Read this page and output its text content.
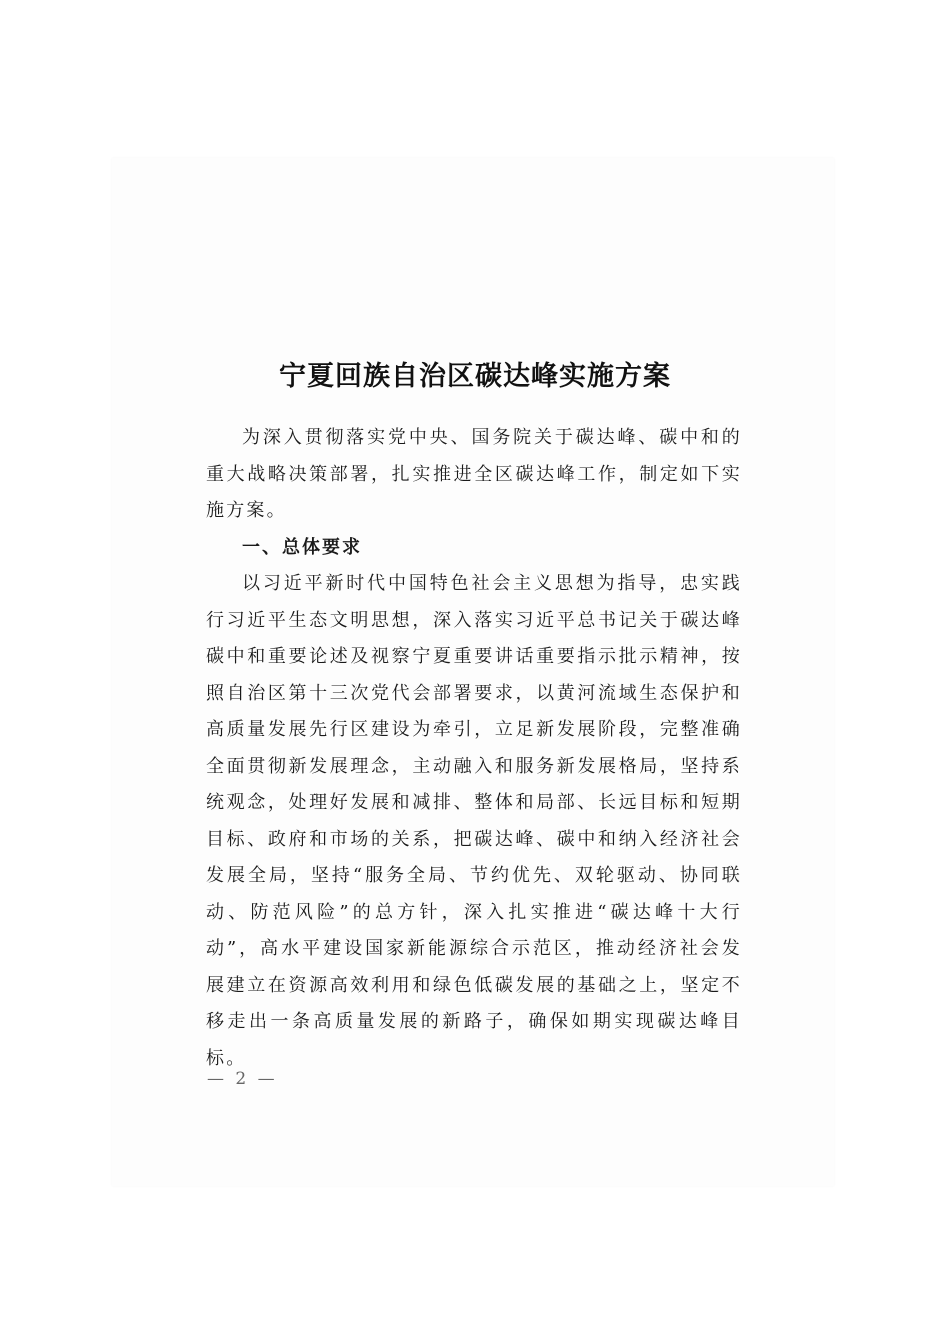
宁夏回族自治区碳达峰实施方案

为深入贯彻落实党中央、国务院关于碳达峰、碳中和的重大战略决策部署，扎实推进全区碳达峰工作，制定如下实施方案。

一、总体要求

以习近平新时代中国特色社会主义思想为指导，忠实践行习近平生态文明思想，深入落实习近平总书记关于碳达峰碳中和重要论述及视察宁夏重要讲话重要指示批示精神，按照自治区第十三次党代会部署要求，以黄河流域生态保护和高质量发展先行区建设为牵引，立足新发展阶段，完整准确全面贯彻新发展理念，主动融入和服务新发展格局，坚持系统观念，处理好发展和减排、整体和局部、长远目标和短期目标、政府和市场的关系，把碳达峰、碳中和纳入经济社会发展全局，坚持“服务全局、节约优先、双轮驱动、协同联动、防范风险”的总方针，深入扎实推进“碳达峰十大行动”，高水平建设国家新能源综合示范区，推动经济社会发展建立在资源高效利用和绿色低碳发展的基础之上，坚定不移走出一条高质量发展的新路子，确保如期实现碳达峰目标。

— 2 —
